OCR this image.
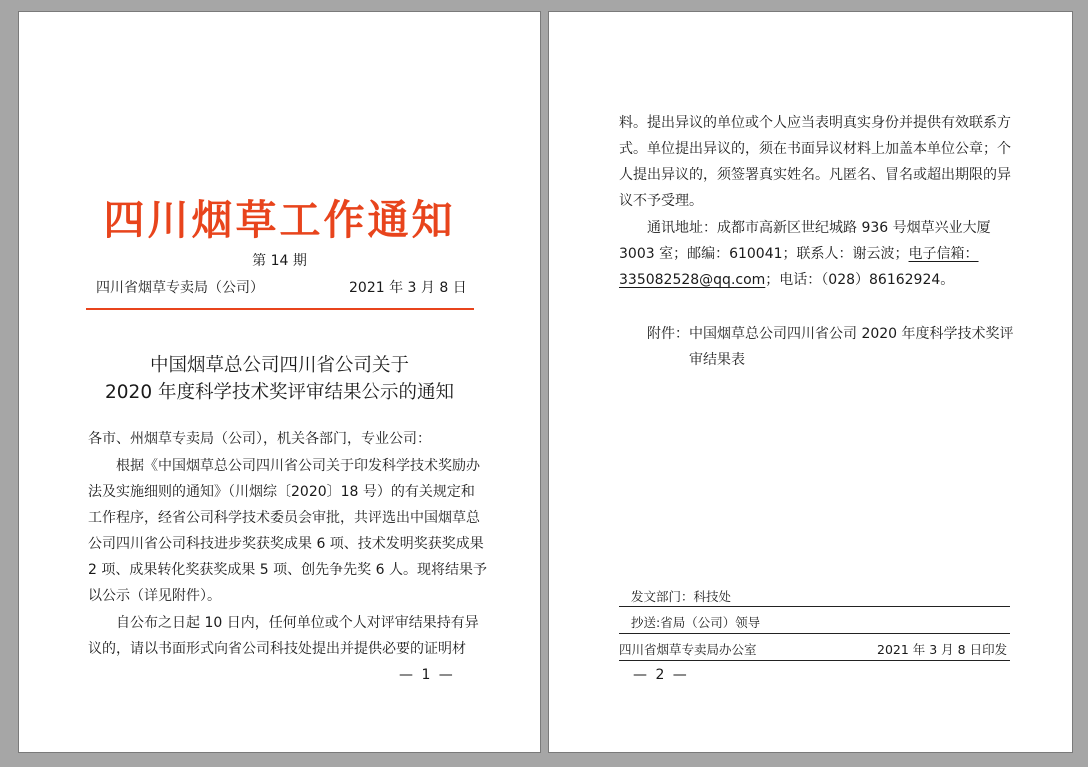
四川烟草工作通知
第 14 期
四川省烟草专卖局（公司）	2021 年 3 月 8 日
中国烟草总公司四川省公司关于
2020 年度科学技术奖评审结果公示的通知
各市、州烟草专卖局（公司），机关各部门，专业公司：
根据《中国烟草总公司四川省公司关于印发科学技术奖励办
法及实施细则的通知》（川烟综〔2020〕18 号）的有关规定和
工作程序，经省公司科学技术委员会审批，共评选出中国烟草总
公司四川省公司科技进步奖获奖成果 6 项、技术发明奖获奖成果
2 项、成果转化奖获奖成果 5 项、创先争先奖 6 人。现将结果予
以公示（详见附件）。
自公布之日起 10 日内，任何单位或个人对评审结果持有异
议的，请以书面形式向省公司科技处提出并提供必要的证明材
— 1 —
料。提出异议的单位或个人应当表明真实身份并提供有效联系方
式。单位提出异议的，须在书面异议材料上加盖本单位公章；个
人提出异议的，须签署真实姓名。凡匿名、冒名或超出期限的异
议不予受理。
通讯地址：成都市高新区世纪城路 936 号烟草兴业大厦
3003 室；邮编：610041；联系人：谢云波；电子信箱：
335082528@qq.com；电话：（028）86162924。
附件： 中国烟草总公司四川省公司 2020 年度科学技术奖评
审结果表
发文部门：科技处
抄送:省局（公司）领导
四川省烟草专卖局办公室	2021 年 3 月 8 日印发
— 2 —
